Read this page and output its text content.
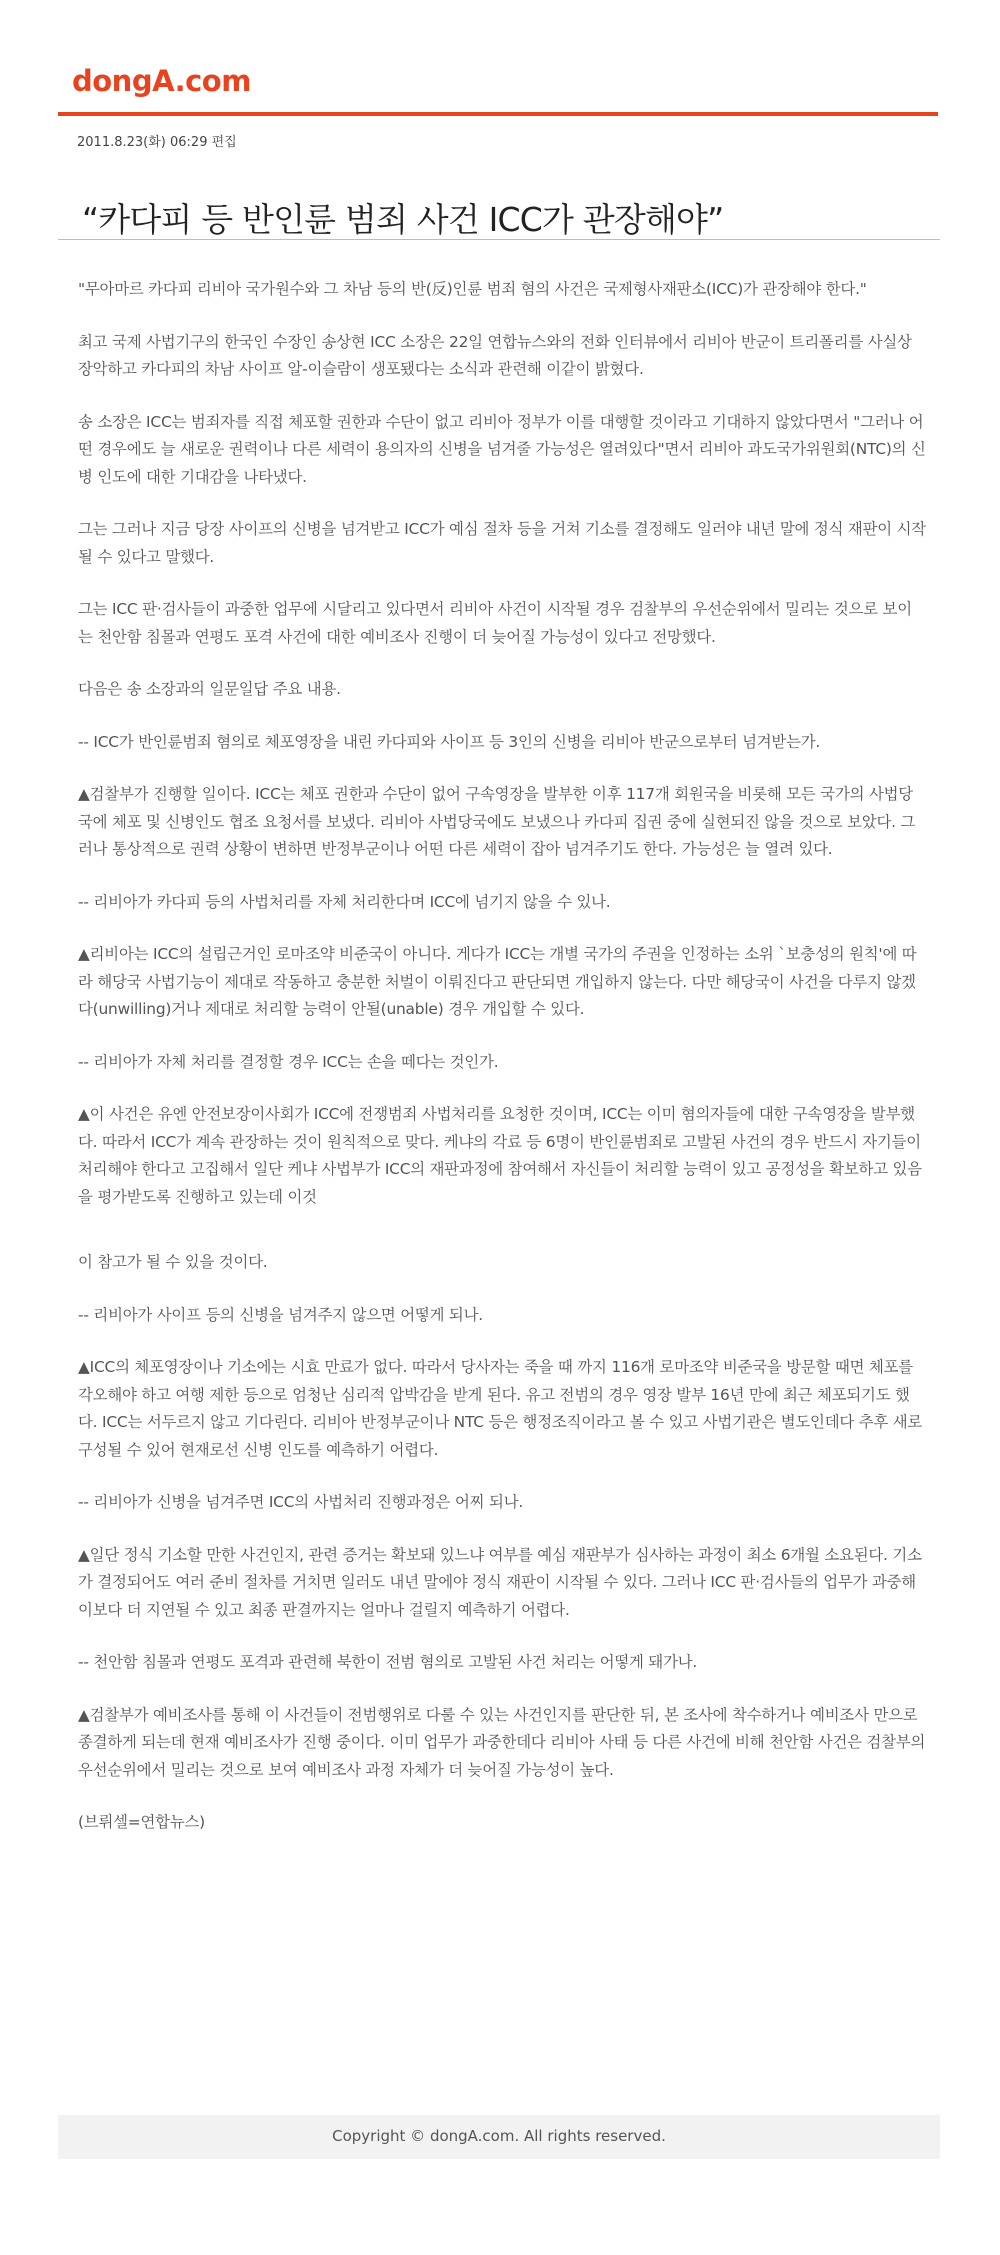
dongA.com
2011.8.23(화) 06:29 편집
“카다피 등 반인륜 범죄 사건 ICC가 관장해야”

"무아마르 카다피 리비아 국가원수와 그 차남 등의 반(反)인륜 범죄 혐의 사건은 국제형사재판소(ICC)가 관장해야 한다."

최고 국제 사법기구의 한국인 수장인 송상현 ICC 소장은 22일 연합뉴스와의 전화 인터뷰에서 리비아 반군이 트리폴리를 사실상 장악하고 카다피의 차남 사이프 알-이슬람이 생포됐다는 소식과 관련해 이같이 밝혔다.

송 소장은 ICC는 범죄자를 직접 체포할 권한과 수단이 없고 리비아 정부가 이를 대행할 것이라고 기대하지 않았다면서 "그러나 어떤 경우에도 늘 새로운 권력이나 다른 세력이 용의자의 신병을 넘겨줄 가능성은 열려있다"면서 리비아 과도국가위원회(NTC)의 신병 인도에 대한 기대감을 나타냈다.

그는 그러나 지금 당장 사이프의 신병을 넘겨받고 ICC가 예심 절차 등을 거쳐 기소를 결정해도 일러야 내년 말에 정식 재판이 시작될 수 있다고 말했다.

그는 ICC 판·검사들이 과중한 업무에 시달리고 있다면서 리비아 사건이 시작될 경우 검찰부의 우선순위에서 밀리는 것으로 보이는 천안함 침몰과 연평도 포격 사건에 대한 예비조사 진행이 더 늦어질 가능성이 있다고 전망했다.

다음은 송 소장과의 일문일답 주요 내용.

-- ICC가 반인륜범죄 혐의로 체포영장을 내린 카다피와 사이프 등 3인의 신병을 리비아 반군으로부터 넘겨받는가.

▲검찰부가 진행할 일이다. ICC는 체포 권한과 수단이 없어 구속영장을 발부한 이후 117개 회원국을 비롯해 모든 국가의 사법당국에 체포 및 신병인도 협조 요청서를 보냈다. 리비아 사법당국에도 보냈으나 카다피 집권 중에 실현되진 않을 것으로 보았다. 그러나 통상적으로 권력 상황이 변하면 반정부군이나 어떤 다른 세력이 잡아 넘겨주기도 한다. 가능성은 늘 열려 있다.

-- 리비아가 카다피 등의 사법처리를 자체 처리한다며 ICC에 넘기지 않을 수 있나.

▲리비아는 ICC의 설립근거인 로마조약 비준국이 아니다. 게다가 ICC는 개별 국가의 주권을 인정하는 소위 `보충성의 원칙'에 따라 해당국 사법기능이 제대로 작동하고 충분한 처벌이 이뤄진다고 판단되면 개입하지 않는다. 다만 해당국이 사건을 다루지 않겠다(unwilling)거나 제대로 처리할 능력이 안될(unable) 경우 개입할 수 있다.

-- 리비아가 자체 처리를 결정할 경우 ICC는 손을 떼다는 것인가.

▲이 사건은 유엔 안전보장이사회가 ICC에 전쟁범죄 사법처리를 요청한 것이며, ICC는 이미 혐의자들에 대한 구속영장을 발부했다. 따라서 ICC가 계속 관장하는 것이 원칙적으로 맞다. 케냐의 각료 등 6명이 반인륜범죄로 고발된 사건의 경우 반드시 자기들이 처리해야 한다고 고집해서 일단 케냐 사법부가 ICC의 재판과정에 참여해서 자신들이 처리할 능력이 있고 공정성을 확보하고 있음을 평가받도록 진행하고 있는데 이것

이 참고가 될 수 있을 것이다.

-- 리비아가 사이프 등의 신병을 넘겨주지 않으면 어떻게 되나.

▲ICC의 체포영장이나 기소에는 시효 만료가 없다. 따라서 당사자는 죽을 때 까지 116개 로마조약 비준국을 방문할 때면 체포를 각오해야 하고 여행 제한 등으로 엄청난 심리적 압박감을 받게 된다. 유고 전범의 경우 영장 발부 16년 만에 최근 체포되기도 했다. ICC는 서두르지 않고 기다린다. 리비아 반정부군이나 NTC 등은 행정조직이라고 볼 수 있고 사법기관은 별도인데다 추후 새로 구성될 수 있어 현재로선 신병 인도를 예측하기 어렵다.

-- 리비아가 신병을 넘겨주면 ICC의 사법처리 진행과정은 어찌 되나.

▲일단 정식 기소할 만한 사건인지, 관련 증거는 확보돼 있느냐 여부를 예심 재판부가 심사하는 과정이 최소 6개월 소요된다. 기소가 결정되어도 여러 준비 절차를 거치면 일러도 내년 말에야 정식 재판이 시작될 수 있다. 그러나 ICC 판·검사들의 업무가 과중해 이보다 더 지연될 수 있고 최종 판결까지는 얼마나 걸릴지 예측하기 어렵다.

-- 천안함 침몰과 연평도 포격과 관련해 북한이 전범 혐의로 고발된 사건 처리는 어떻게 돼가나.

▲검찰부가 예비조사를 통해 이 사건들이 전범행위로 다룰 수 있는 사건인지를 판단한 뒤, 본 조사에 착수하거나 예비조사 만으로 종결하게 되는데 현재 예비조사가 진행 중이다. 이미 업무가 과중한데다 리비아 사태 등 다른 사건에 비해 천안함 사건은 검찰부의 우선순위에서 밀리는 것으로 보여 예비조사 과정 자체가 더 늦어질 가능성이 높다.

(브뤼셀=연합뉴스)

Copyright © dongA.com. All rights reserved.
